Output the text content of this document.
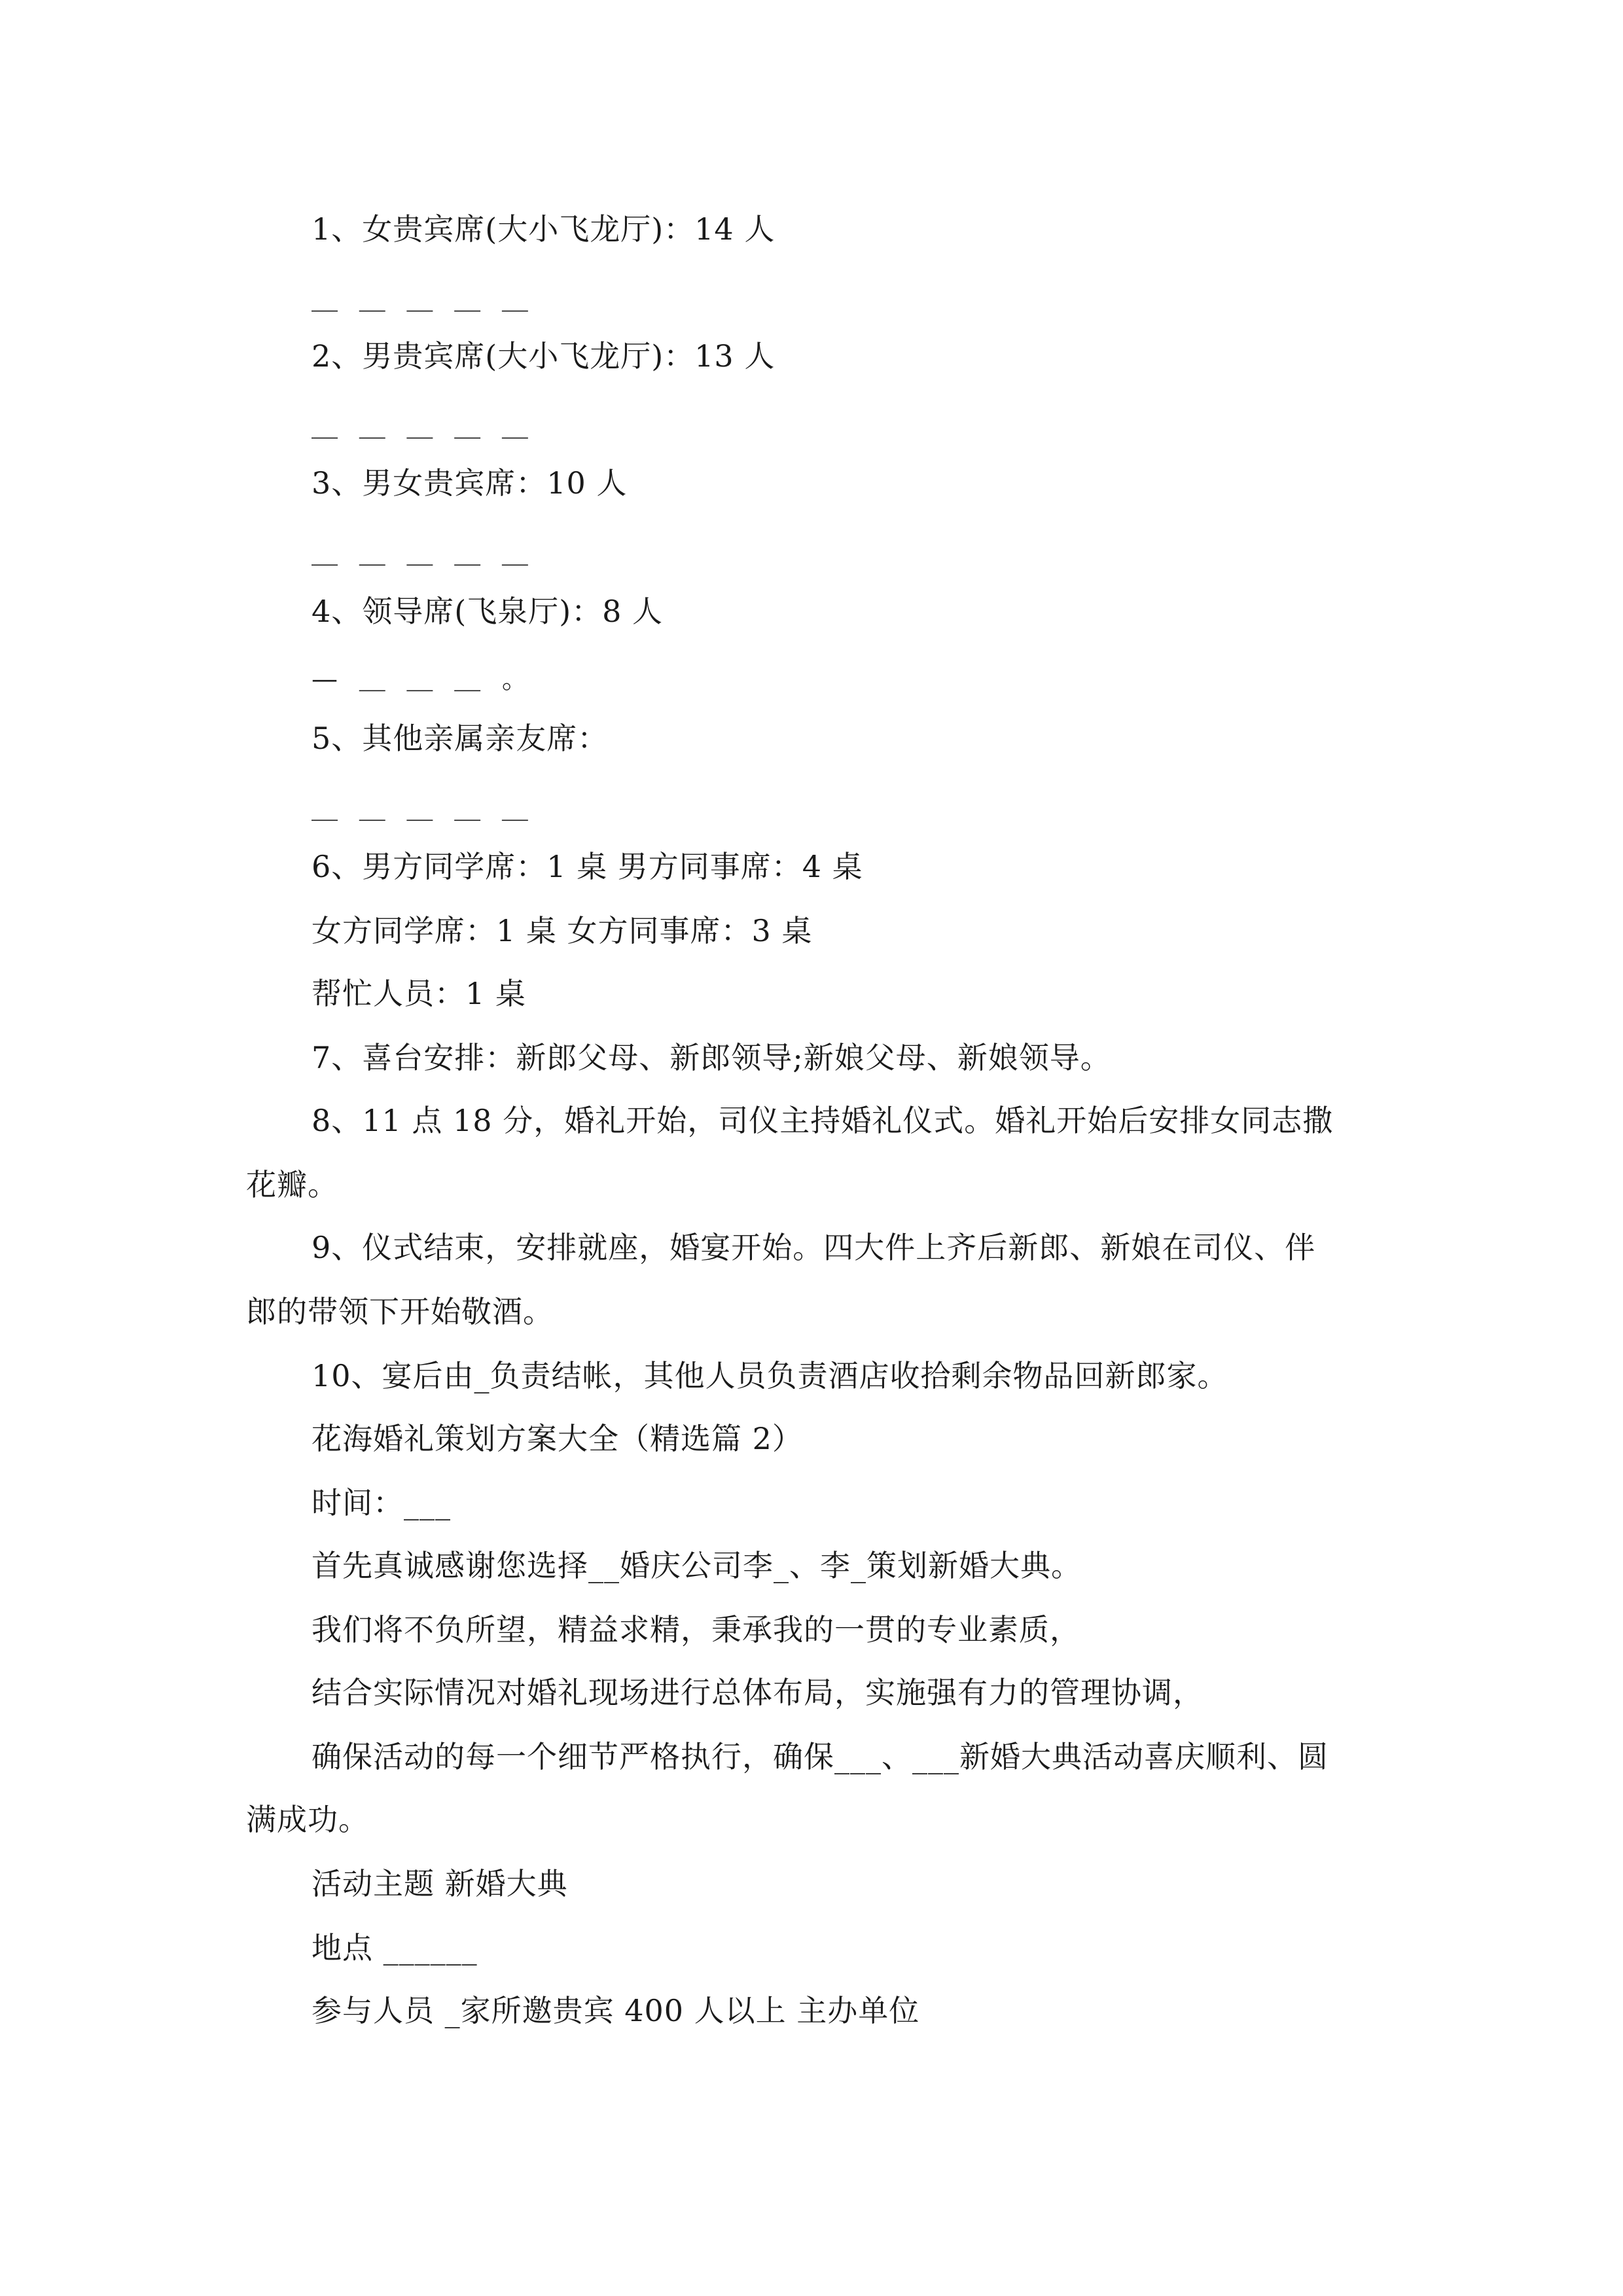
1、女贵宾席(大小飞龙厅)：14 人
＿ ＿ ＿ ＿ ＿
2、男贵宾席(大小飞龙厅)：13 人
＿ ＿ ＿ ＿ ＿
3、男女贵宾席：10 人
＿ ＿ ＿ ＿ ＿
4、领导席(飞泉厅)：8 人
— ＿ ＿ ＿ 。
5、其他亲属亲友席：
＿ ＿ ＿ ＿ ＿
6、男方同学席：1 桌 男方同事席：4 桌
女方同学席：1 桌 女方同事席：3 桌
帮忙人员：1 桌
7、喜台安排：新郎父母、新郎领导;新娘父母、新娘领导。
8、11 点 18 分，婚礼开始，司仪主持婚礼仪式。婚礼开始后安排女同志撒
花瓣。
9、仪式结束，安排就座，婚宴开始。四大件上齐后新郎、新娘在司仪、伴
郎的带领下开始敬酒。
10、宴后由_负责结帐，其他人员负责酒店收拾剩余物品回新郎家。
花海婚礼策划方案大全（精选篇 2）
时间：___
首先真诚感谢您选择__婚庆公司李_、李_策划新婚大典。
我们将不负所望，精益求精，秉承我的一贯的专业素质，
结合实际情况对婚礼现场进行总体布局，实施强有力的管理协调，
确保活动的每一个细节严格执行，确保___、___新婚大典活动喜庆顺利、圆
满成功。
活动主题 新婚大典
地点 ______
参与人员 _家所邀贵宾 400 人以上 主办单位
